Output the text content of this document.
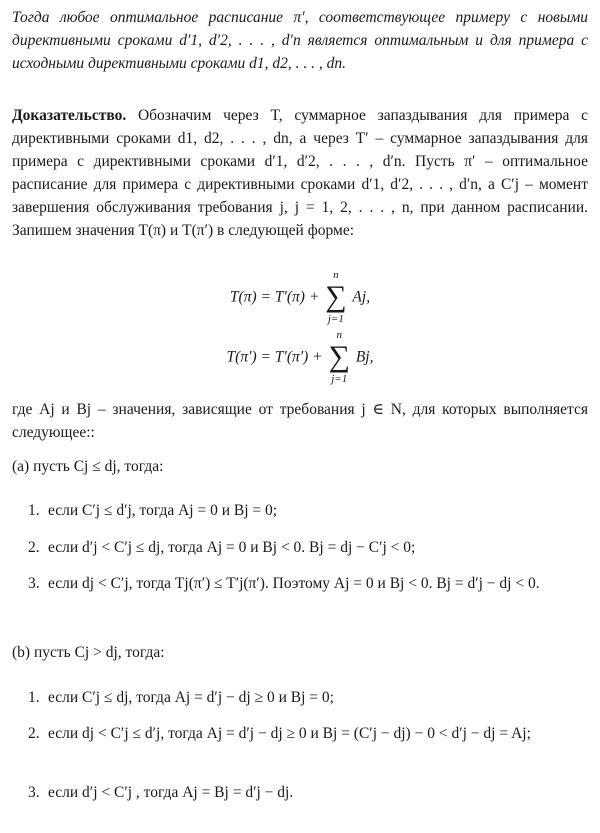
Тогда любое оптимальное расписание π′, соответствующее примеру с новыми директивными сроками d′1, d′2, . . . , d′n является оптимальным и для примера с исходными директивными сроками d1, d2, . . . , dn.
Доказательство. Обозначим через T, суммарное запаздывания для примера с директивными сроками d1, d2, . . . , dn, а через T′ – суммарное запаздывания для примера с директивными сроками d′1, d′2, . . . , d′n. Пусть π′ – оптимальное расписание для примера с директивными сроками d′1, d′2, . . . , d′n, а C′j – момент завершения обслуживания требования j, j = 1, 2, . . . , n, при данном расписании. Запишем значения T(π) и T(π′) в следующей форме:
T(π) = T′(π) +
n
∑
j=1
Aj,
T(π′) = T′(π′) +
n
∑
j=1
Bj,
где Aj и Bj – значения, зависящие от требования j ∈ N, для которых выполняется следующее::
(a) пусть Cj ≤ dj, тогда:
1. если C′j ≤ d′j, тогда Aj = 0 и Bj = 0;
2. если d′j < C′j ≤ dj, тогда Aj = 0 и Bj < 0. Bj = dj − C′j < 0;
3. если dj < C′j, тогда Tj(π′) ≤ T′j(π′). Поэтому Aj = 0 и Bj < 0. Bj = d′j − dj < 0.
(b) пусть Cj > dj, тогда:
1. если C′j ≤ dj, тогда Aj = d′j − dj ≥ 0 и Bj = 0;
2. если dj < C′j ≤ d′j, тогда Aj = d′j − dj ≥ 0 и Bj = (C′j − dj) − 0 < d′j − dj = Aj;
3. если d′j < C′j , тогда Aj = Bj = d′j − dj.
